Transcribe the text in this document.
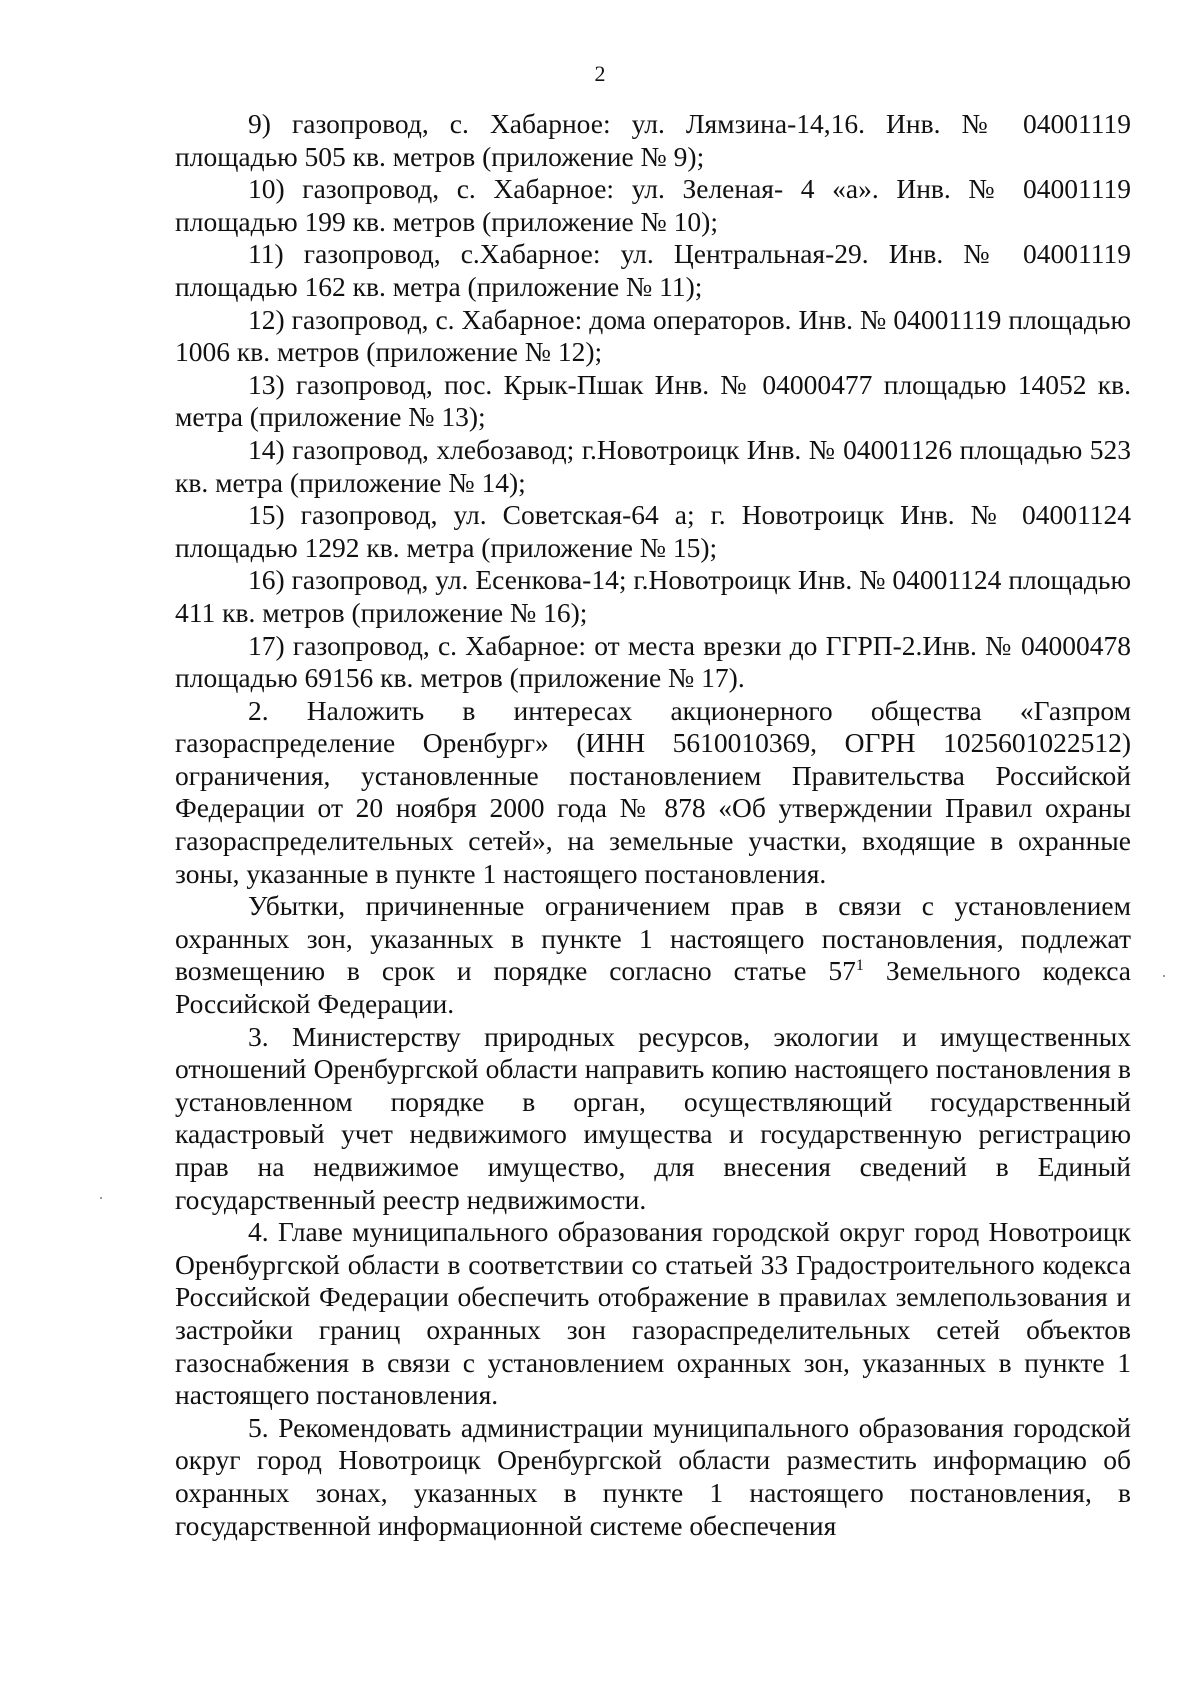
2

9) газопровод, с. Хабарное: ул. Лямзина-14,16. Инв. № 04001119 площадью 505 кв. метров (приложение № 9);

10) газопровод, с. Хабарное: ул. Зеленая- 4 «а». Инв. № 04001119 площадью 199 кв. метров (приложение № 10);

11) газопровод, с.Хабарное: ул. Центральная-29. Инв. № 04001119 площадью 162 кв. метра (приложение № 11);

12) газопровод, с. Хабарное: дома операторов. Инв. № 04001119 площадью 1006 кв. метров (приложение № 12);

13) газопровод, пос. Крык-Пшак Инв. № 04000477 площадью 14052 кв. метра (приложение № 13);

14) газопровод, хлебозавод; г.Новотроицк Инв. № 04001126 площадью 523 кв. метра (приложение № 14);

15) газопровод, ул. Советская-64 а; г. Новотроицк Инв. № 04001124 площадью 1292 кв. метра (приложение № 15);

16) газопровод, ул. Есенкова-14; г.Новотроицк Инв. № 04001124 площадью 411 кв. метров (приложение № 16);

17) газопровод, с. Хабарное: от места врезки до ГГРП-2.Инв. № 04000478 площадью 69156 кв. метров (приложение № 17).

2. Наложить в интересах акционерного общества «Газпром газораспределение Оренбург» (ИНН 5610010369, ОГРН 1025601022512) ограничения, установленные постановлением Правительства Российской Федерации от 20 ноября 2000 года № 878 «Об утверждении Правил охраны газораспределительных сетей», на земельные участки, входящие в охранные зоны, указанные в пункте 1 настоящего постановления.

Убытки, причиненные ограничением прав в связи с установлением охранных зон, указанных в пункте 1 настоящего постановления, подлежат возмещению в срок и порядке согласно статье $57^1$ Земельного кодекса Российской Федерации.

3. Министерству природных ресурсов, экологии и имущественных отношений Оренбургской области направить копию настоящего постановления в установленном порядке в орган, осуществляющий государственный кадастровый учет недвижимого имущества и государственную регистрацию прав на недвижимое имущество, для внесения сведений в Единый государственный реестр недвижимости.

4. Главе муниципального образования городской округ город Новотроицк Оренбургской области в соответствии со статьей 33 Градостроительного кодекса Российской Федерации обеспечить отображение в правилах землепользования и застройки границ охранных зон газораспределительных сетей объектов газоснабжения в связи с установлением охранных зон, указанных в пункте 1 настоящего постановления.

5. Рекомендовать администрации муниципального образования городской округ город Новотроицк Оренбургской области разместить информацию об охранных зонах, указанных в пункте 1 настоящего постановления, в государственной информационной системе обеспечения
